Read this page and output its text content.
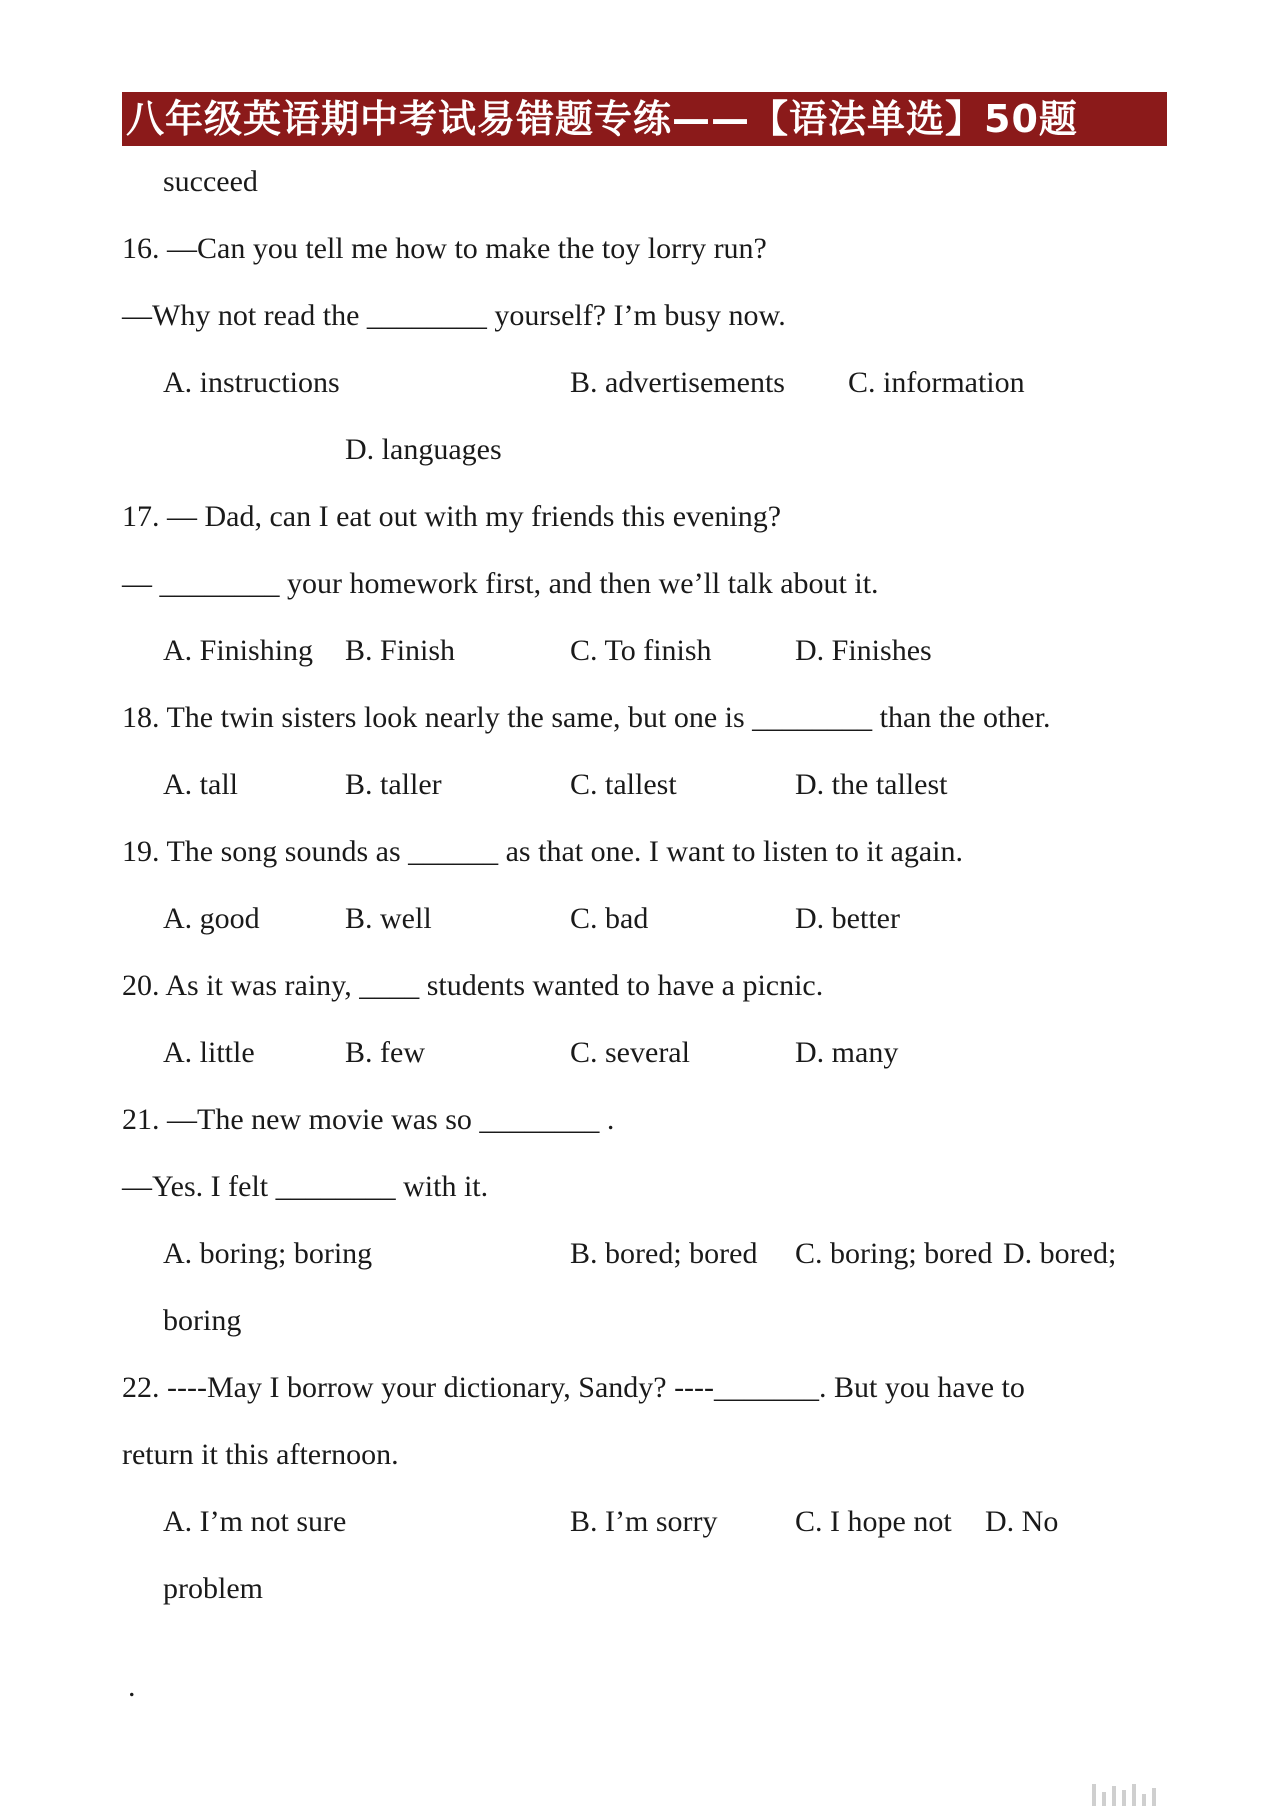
八年级英语期中考试易错题专练——【语法单选】50题
succeed
16. —Can you tell me how to make the toy lorry run?
—Why not read the ________ yourself? I’m busy now.
A. instructions	B. advertisements C. information
D. languages
17. — Dad, can I eat out with my friends this evening?
— ________ your homework first, and then we’ll talk about it.
A. Finishing B. Finish	C. To finish	D. Finishes
18. The twin sisters look nearly the same, but one is ________ than the other.
A. tall	B. taller	C. tallest	D. the tallest
19. The song sounds as ______ as that one. I want to listen to it again.
A. good	B. well	C. bad	D. better
20. As it was rainy, ____ students wanted to have a picnic.
A. little	B. few	C. several	D. many
21. —The new movie was so ________ .
—Yes. I felt ________ with it.
A. boring; boring	B. bored; bored C. boring; bored D. bored;
boring
22. ----May I borrow your dictionary, Sandy? ----_______. But you have to
return it this afternoon.
A. I’m not sure	B. I’m sorry	C. I hope not D. No
problem
.
